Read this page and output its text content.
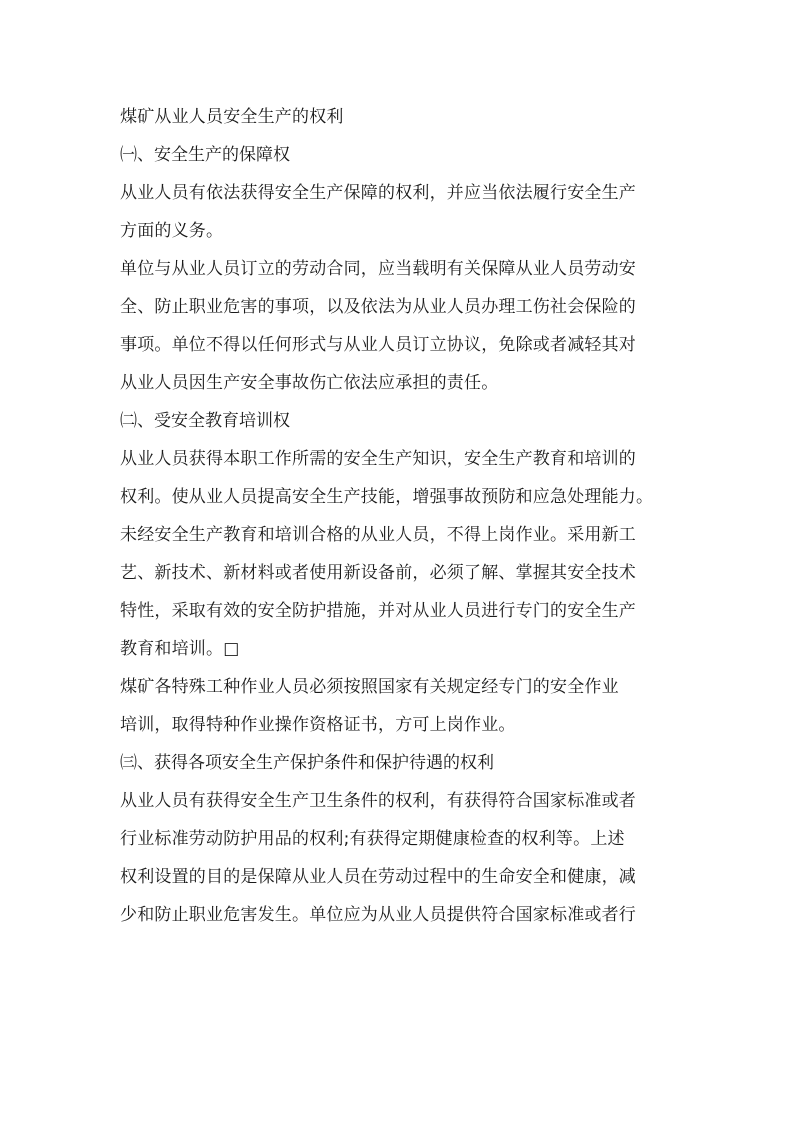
煤矿从业人员安全生产的权利
㈠、安全生产的保障权
从业人员有依法获得安全生产保障的权利，并应当依法履行安全生产
方面的义务。
单位与从业人员订立的劳动合同，应当载明有关保障从业人员劳动安
全、防止职业危害的事项，以及依法为从业人员办理工伤社会保险的
事项。单位不得以任何形式与从业人员订立协议，免除或者减轻其对
从业人员因生产安全事故伤亡依法应承担的责任。
㈡、受安全教育培训权
从业人员获得本职工作所需的安全生产知识，安全生产教育和培训的
权利。使从业人员提高安全生产技能，增强事故预防和应急处理能力。
未经安全生产教育和培训合格的从业人员，不得上岗作业。采用新工
艺、新技术、新材料或者使用新设备前，必须了解、掌握其安全技术
特性，采取有效的安全防护措施，并对从业人员进行专门的安全生产
教育和培训。□
煤矿各特殊工种作业人员必须按照国家有关规定经专门的安全作业
培训，取得特种作业操作资格证书，方可上岗作业。
㈢、获得各项安全生产保护条件和保护待遇的权利
从业人员有获得安全生产卫生条件的权利，有获得符合国家标准或者
行业标准劳动防护用品的权利;有获得定期健康检查的权利等。上述
权利设置的目的是保障从业人员在劳动过程中的生命安全和健康，减
少和防止职业危害发生。单位应为从业人员提供符合国家标准或者行
